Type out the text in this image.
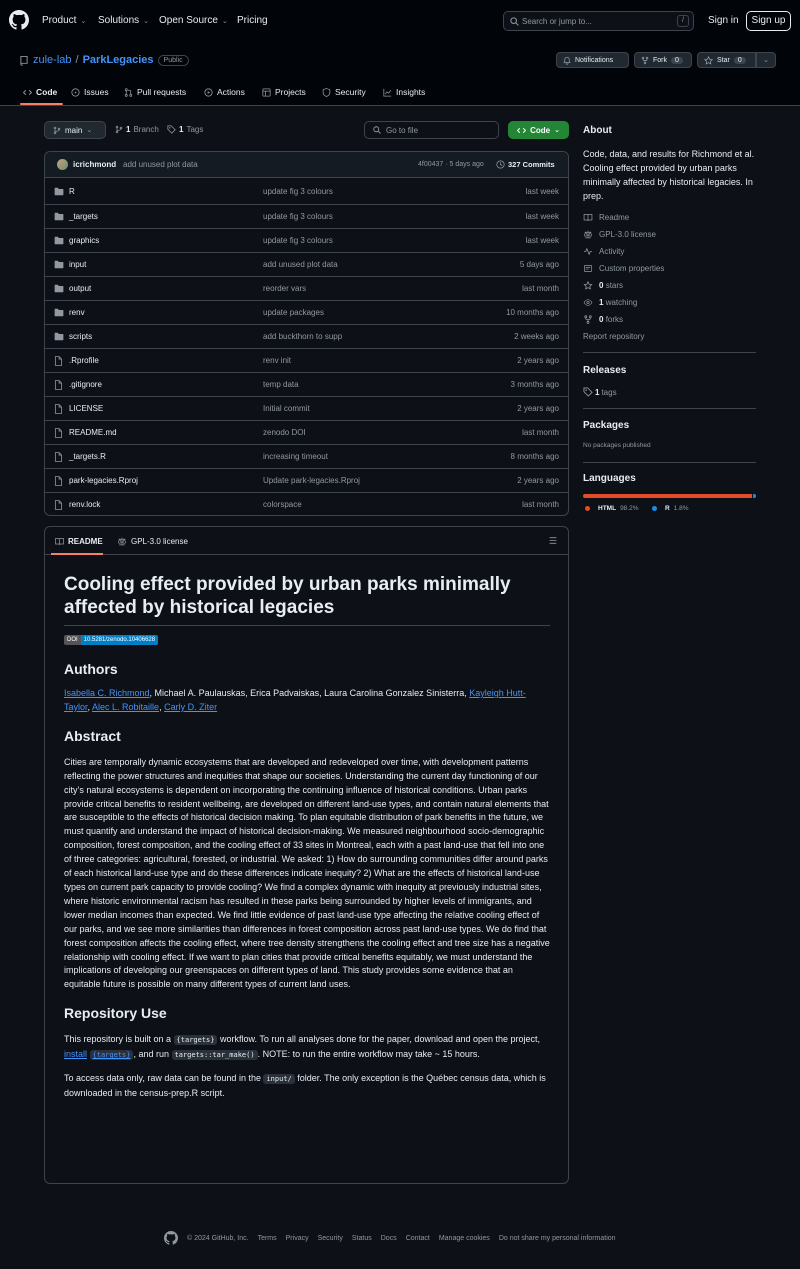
Product ⌄ Solutions ⌄ Open Source ⌄ Pricing	Search or jump to...	/	Sign in	Sign up
zule-lab / ParkLegacies	Public	Notifications	Fork	0	Star	0	⌄
Code	Issues	Pull requests	Actions	Projects	Security	Insights
main ⌄	1 Branch	1 Tags	Go to file	Code ⌄
icrichmond add unused plot data	4f00437 · 5 days ago	327 Commits
R	update fig 3 colours	last week
_targets	update fig 3 colours	last week
graphics	update fig 3 colours	last week
input	add unused plot data	5 days ago
output	reorder vars	last month
renv	update packages	10 months ago
scripts	add buckthorn to supp	2 weeks ago
.Rprofile	renv init	2 years ago
.gitignore	temp data	3 months ago
LICENSE	Initial commit	2 years ago
README.md	zenodo DOI	last month
_targets.R	increasing timeout	8 months ago
park-legacies.Rproj	Update park-legacies.Rproj	2 years ago
renv.lock	colorspace	last month
README	GPL-3.0 license
Cooling effect provided by urban parks minimally affected by historical legacies
DOI	10.5281/zenodo.10406628
Authors

Isabella C. Richmond, Michael A. Paulauskas, Erica Padvaiskas, Laura Carolina Gonzalez Sinisterra, Kayleigh Hutt-Taylor, Alec L. Robitaille, Carly D. Ziter

Abstract

Cities are temporally dynamic ecosystems that are developed and redeveloped over time, with development patterns reflecting the power structures and inequities that shape our societies. Understanding the current day functioning of our city’s natural ecosystems is dependent on incorporating the continuing influence of historical conditions. Urban parks provide critical benefits to resident wellbeing, are developed on different land-use types, and contain natural elements that are susceptible to the effects of historical decision making. To plan equitable distribution of park benefits in the future, we must quantify and understand the impact of historical decision-making. We measured neighbourhood socio-demographic composition, forest composition, and the cooling effect of 33 sites in Montreal, each with a past land-use that fell into one of three categories: agricultural, forested, or industrial. We asked: 1) How do surrounding communities differ around parks of each historical land-use type and do these differences indicate inequity? 2) What are the effects of historical land-use types on current park capacity to provide cooling? We find a complex dynamic with inequity at previously industrial sites, where historic environmental racism has resulted in these parks being surrounded by higher levels of immigrants, and lower median incomes than expected. We find little evidence of past land-use type affecting the relative cooling effect of our parks, and we see more similarities than differences in forest composition across past land-use types. We do find that forest composition affects the cooling effect, where tree density strengthens the cooling effect and tree size has a negative relationship with cooling effect. If we want to plan cities that provide critical benefits equitably, we must understand the implications of developing our greenspaces on different types of land. This study provides some evidence that an equitable future is possible on many different types of current land uses.

Repository Use

This repository is built on a {targets} workflow. To run all analyses done for the paper, download and open the project, install {targets} , and run targets::tar_make() . NOTE: to run the entire workflow may take ~ 15 hours.

To access data only, raw data can be found in the input/ folder. The only exception is the Québec census data, which is downloaded in the census-prep.R script.

About
Code, data, and results for Richmond et al. Cooling effect provided by urban parks minimally affected by historical legacies. In prep.
Readme
GPL-3.0 license
Activity
Custom properties
0 stars
1 watching
0 forks
Report repository
Releases
1 tags
Packages
No packages published
Languages
HTML 98.2%	R 1.8%
© 2024 GitHub, Inc. Terms Privacy Security Status Docs Contact Manage cookies Do not share my personal information
